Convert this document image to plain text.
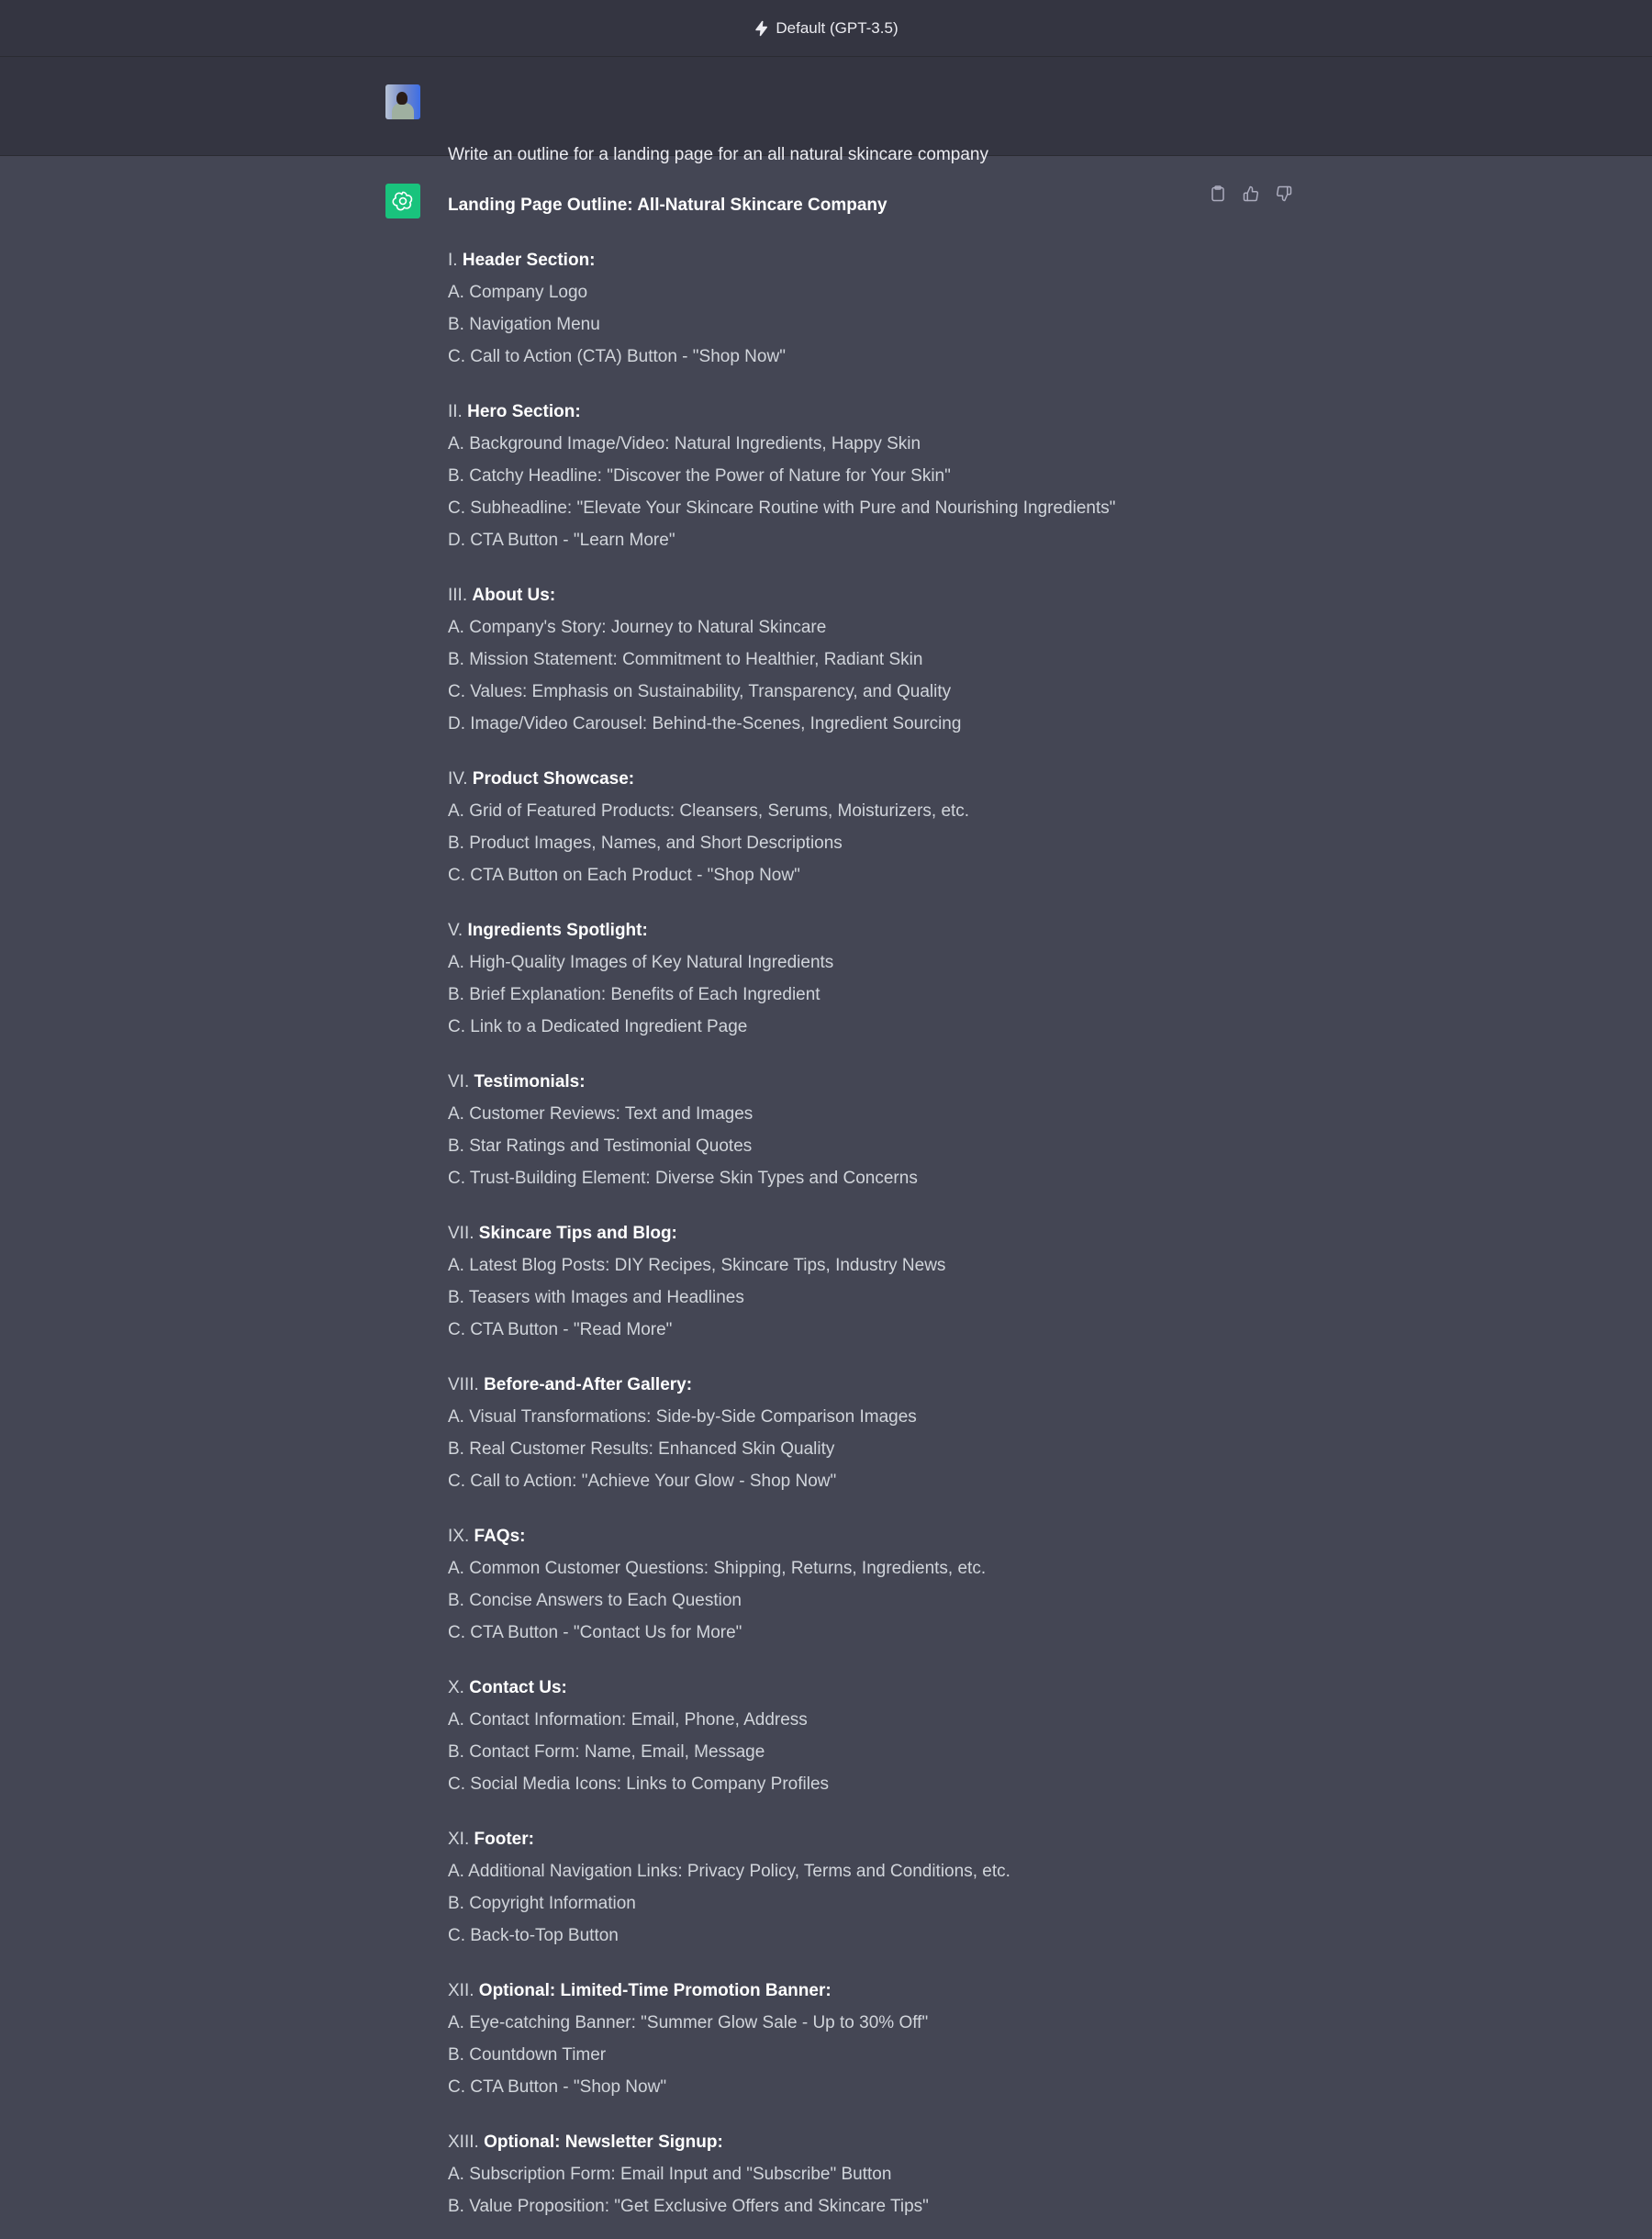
Default (GPT-3.5)
Write an outline for a landing page for an all natural skincare company
Landing Page Outline: All-Natural Skincare Company
I. Header Section:
A. Company Logo
B. Navigation Menu
C. Call to Action (CTA) Button - "Shop Now"
II. Hero Section:
A. Background Image/Video: Natural Ingredients, Happy Skin
B. Catchy Headline: "Discover the Power of Nature for Your Skin"
C. Subheadline: "Elevate Your Skincare Routine with Pure and Nourishing Ingredients"
D. CTA Button - "Learn More"
III. About Us:
A. Company's Story: Journey to Natural Skincare
B. Mission Statement: Commitment to Healthier, Radiant Skin
C. Values: Emphasis on Sustainability, Transparency, and Quality
D. Image/Video Carousel: Behind-the-Scenes, Ingredient Sourcing
IV. Product Showcase:
A. Grid of Featured Products: Cleansers, Serums, Moisturizers, etc.
B. Product Images, Names, and Short Descriptions
C. CTA Button on Each Product - "Shop Now"
V. Ingredients Spotlight:
A. High-Quality Images of Key Natural Ingredients
B. Brief Explanation: Benefits of Each Ingredient
C. Link to a Dedicated Ingredient Page
VI. Testimonials:
A. Customer Reviews: Text and Images
B. Star Ratings and Testimonial Quotes
C. Trust-Building Element: Diverse Skin Types and Concerns
VII. Skincare Tips and Blog:
A. Latest Blog Posts: DIY Recipes, Skincare Tips, Industry News
B. Teasers with Images and Headlines
C. CTA Button - "Read More"
VIII. Before-and-After Gallery:
A. Visual Transformations: Side-by-Side Comparison Images
B. Real Customer Results: Enhanced Skin Quality
C. Call to Action: "Achieve Your Glow - Shop Now"
IX. FAQs:
A. Common Customer Questions: Shipping, Returns, Ingredients, etc.
B. Concise Answers to Each Question
C. CTA Button - "Contact Us for More"
X. Contact Us:
A. Contact Information: Email, Phone, Address
B. Contact Form: Name, Email, Message
C. Social Media Icons: Links to Company Profiles
XI. Footer:
A. Additional Navigation Links: Privacy Policy, Terms and Conditions, etc.
B. Copyright Information
C. Back-to-Top Button
XII. Optional: Limited-Time Promotion Banner:
A. Eye-catching Banner: "Summer Glow Sale - Up to 30% Off"
B. Countdown Timer
C. CTA Button - "Shop Now"
XIII. Optional: Newsletter Signup:
A. Subscription Form: Email Input and "Subscribe" Button
B. Value Proposition: "Get Exclusive Offers and Skincare Tips"
